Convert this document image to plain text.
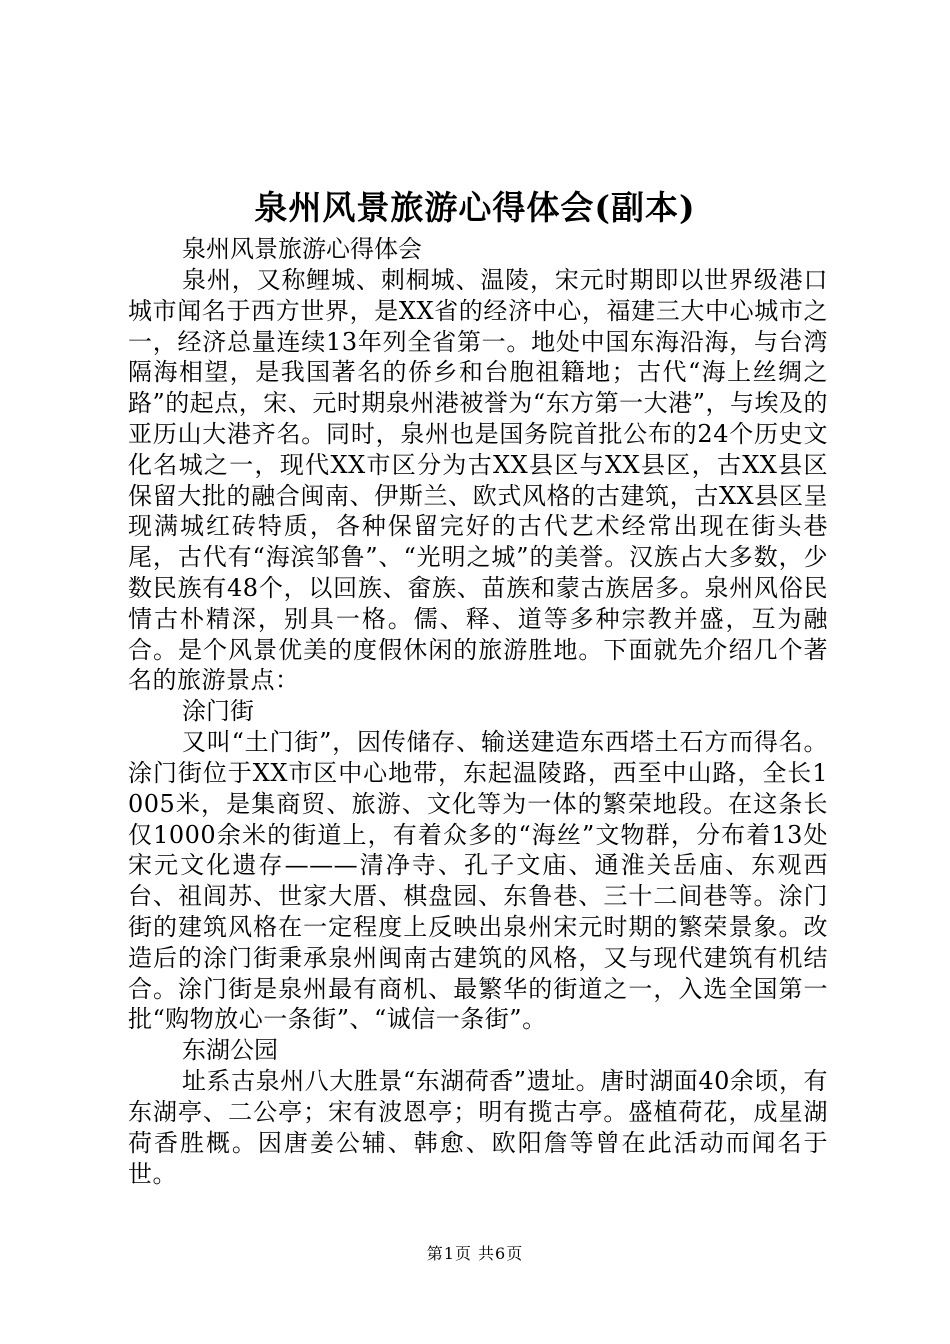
泉州风景旅游心得体会(副本)

泉州风景旅游心得体会

泉州，又称鲤城、刺桐城、温陵，宋元时期即以世界级港口城市闻名于西方世界，是XX省的经济中心，福建三大中心城市之一，经济总量连续13年列全省第一。地处中国东海沿海，与台湾隔海相望，是我国著名的侨乡和台胞祖籍地；古代“海上丝绸之路”的起点，宋、元时期泉州港被誉为“东方第一大港”，与埃及的亚历山大港齐名。同时，泉州也是国务院首批公布的24个历史文化名城之一，现代XX市区分为古XX县区与XX县区，古XX县区保留大批的融合闽南、伊斯兰、欧式风格的古建筑，古XX县区呈现满城红砖特质，各种保留完好的古代艺术经常出现在街头巷尾，古代有“海滨邹鲁”、“光明之城”的美誉。汉族占大多数，少数民族有48个，以回族、畲族、苗族和蒙古族居多。泉州风俗民情古朴精深，别具一格。儒、释、道等多种宗教并盛，互为融合。是个风景优美的度假休闲的旅游胜地。下面就先介绍几个著名的旅游景点：

涂门街

又叫“土门街”，因传储存、输送建造东西塔土石方而得名。涂门街位于XX市区中心地带，东起温陵路，西至中山路，全长1005米，是集商贸、旅游、文化等为一体的繁荣地段。在这条长仅1000余米的街道上，有着众多的“海丝”文物群，分布着13处宋元文化遗存———清净寺、孔子文庙、通淮关岳庙、东观西台、祖闾苏、世家大厝、棋盘园、东鲁巷、三十二间巷等。涂门街的建筑风格在一定程度上反映出泉州宋元时期的繁荣景象。改造后的涂门街秉承泉州闽南古建筑的风格，又与现代建筑有机结合。涂门街是泉州最有商机、最繁华的街道之一，入选全国第一批“购物放心一条街”、“诚信一条街”。

东湖公园

址系古泉州八大胜景“东湖荷香”遗址。唐时湖面40余顷，有东湖亭、二公亭；宋有波恩亭；明有揽古亭。盛植荷花，成星湖荷香胜概。因唐姜公辅、韩愈、欧阳詹等曾在此活动而闻名于世。

第1页 共6页
